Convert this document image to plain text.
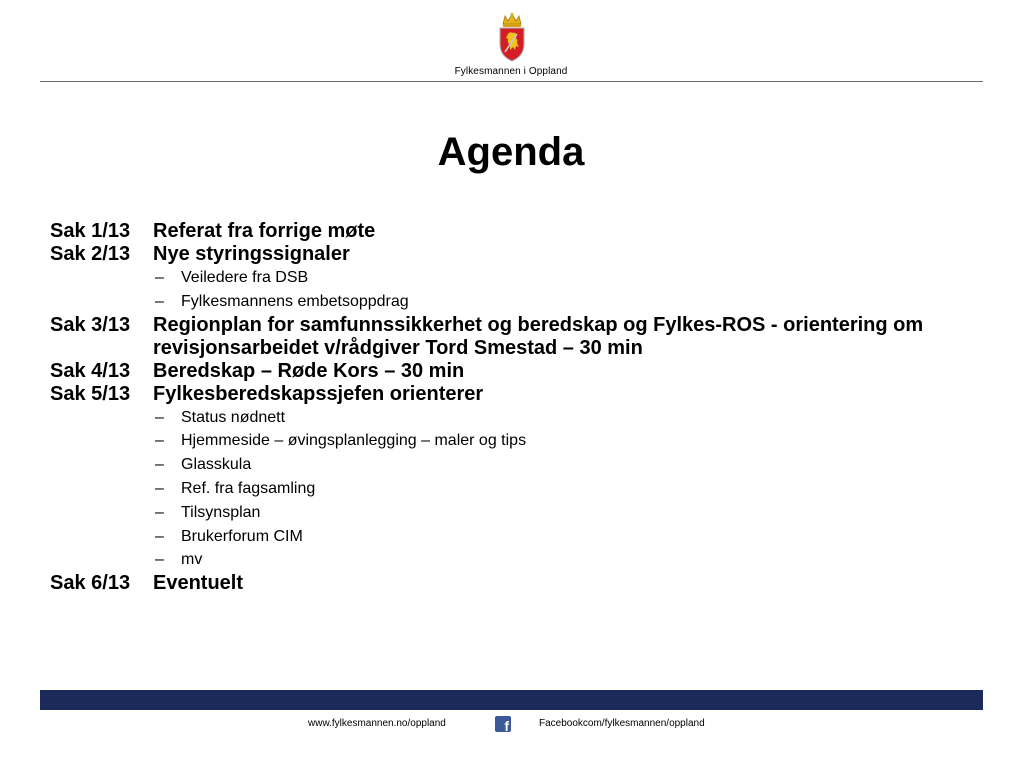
Fylkesmannen i Oppland
Agenda
Sak 1/13	Referat fra forrige møte
Sak 2/13	Nye styringssignaler
– Veiledere fra DSB
– Fylkesmannens embetsoppdrag
Sak 3/13	Regionplan for samfunnssikkerhet og beredskap og Fylkes-ROS - orientering om revisjonsarbeidet v/rådgiver Tord Smestad – 30 min
Sak 4/13	Beredskap – Røde Kors – 30 min
Sak 5/13	Fylkesberedskapssjefen orienterer
– Status nødnett
– Hjemmeside – øvingsplanlegging – maler og tips
– Glasskula
– Ref. fra fagsamling
– Tilsynsplan
– Brukerforum CIM
– mv
Sak 6/13	Eventuelt
www.fylkesmannen.no/oppland	f	Facebookcom/fylkesmannen/oppland
